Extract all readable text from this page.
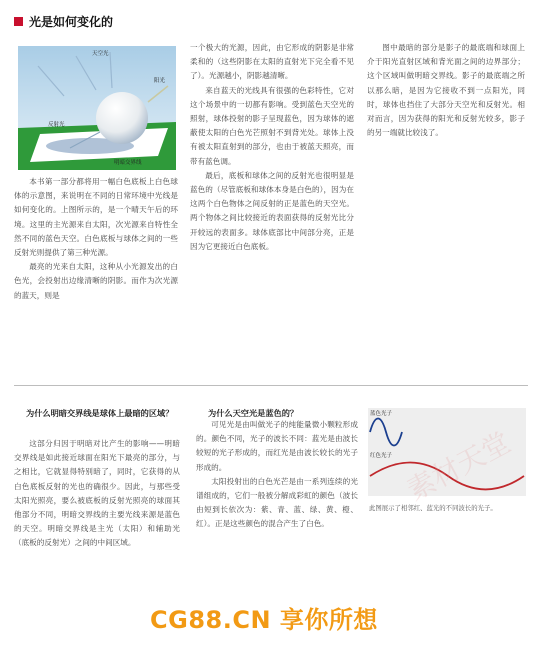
光是如何变化的
天空光
阳光
反射光
明暗交界线

本书第一部分都将用一幅白色底板上白色球体的示意图，来说明在不同的日常环境中光线是如何变化的。上图所示的，是一个晴天午后的环境。这里的主光源来自太阳，次光源来自特性全然不同的蓝色天空。白色底板与球体之间的一些反射光则提供了第三种光源。

最亮的光来自太阳，这种从小光源发出的白色光，会投射出边缘清晰的阴影。而作为次光源的蓝天，则是

一个极大的光源，因此，由它形成的阴影是非常柔和的（这些阴影在太阳的直射光下完全看不见了）。光源越小，阴影越清晰。

来自蓝天的光线具有很强的色彩特性，它对这个场景中的一切都有影响。受到蓝色天空光的照射，球体投射的影子呈现蓝色，因为球体的遮蔽使太阳的白色光芒照射不到背光处。球体上没有被太阳直射到的部分，也由于被蓝天照亮，而带有蓝色调。

最后，底板和球体之间的反射光也很明显是蓝色的（尽管底板和球体本身是白色的），因为在这两个白色物体之间反射的正是蓝色的天空光。两个物体之间比较接近的表面获得的反射光比分开较远的表面多。球体底部比中间部分亮，正是因为它更接近白色底板。

图中最暗的部分是影子的最底端和球面上介于阳光直射区域和背光面之间的边界部分；这个区域叫做明暗交界线。影子的最底端之所以那么暗，是因为它接收不到一点阳光，同时，球体也挡住了大部分天空光和反射光。相对而言，因为获得的阳光和反射光较多，影子的另一端就比较浅了。

为什么明暗交界线是球体上最暗的区域？

这部分归因于明暗对比产生的影响——明暗交界线是如此接近球面在阳光下最亮的部分，与之相比，它就显得特别暗了，同时，它获得的从白色底板反射的光也的确很少。因此，与那些受太阳光照亮，要么被底板的反射光照亮的球面其他部分不同，明暗交界线的主要光线来源是蓝色的天空。明暗交界线是主光（太阳）和辅助光（底板的反射光）之间的中间区域。

为什么天空光是蓝色的？

可见光是由叫做光子的纯能量微小颗粒形成的。颜色不同，光子的波长不同：蓝光是由波长较短的光子形成的，而红光是由波长较长的光子形成的。

太阳投射出的白色光芒是由一系列连续的光谱组成的，它们一般被分解成彩虹的颜色（波长由短到长依次为：紫、青、蓝、绿、黄、橙、红）。正是这些颜色的混合产生了白色。

蓝色光子
红色光子
此图展示了相邻红、蓝光的不同波长的光子。
素材天堂
CG88.CN 享你所想
